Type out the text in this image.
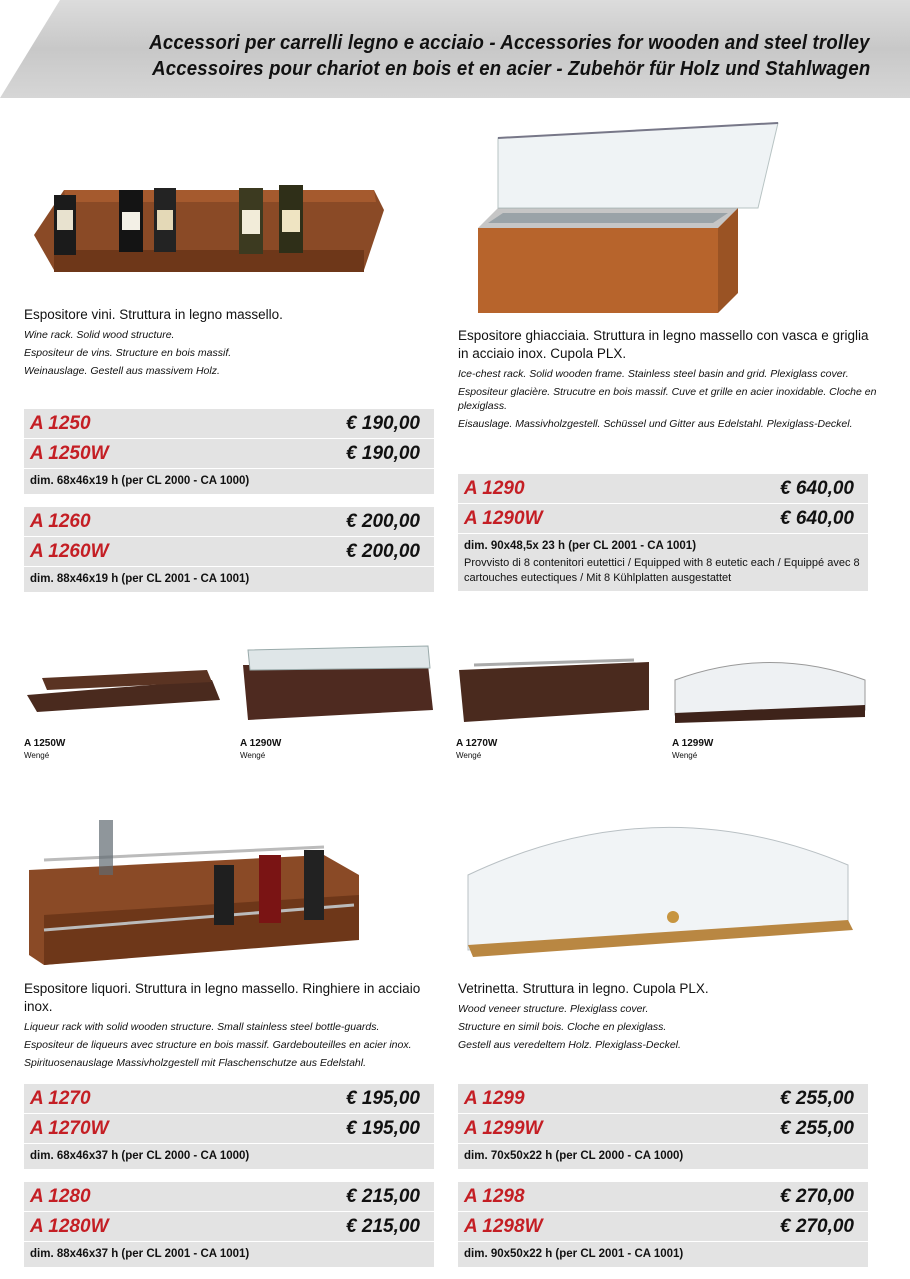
Accessori per carrelli legno e acciaio - Accessories for wooden and steel trolley
Accessoires pour chariot en bois et en acier - Zubehör für Holz und Stahlwagen
Espositore vini. Struttura in legno massello.
Wine rack. Solid wood structure.
Espositeur de vins. Structure en bois massif.
Weinauslage. Gestell aus massivem Holz.
A 1250	€ 190,00
A 1250W	€ 190,00
dim. 68x46x19 h (per CL 2000 - CA 1000)
A 1260	€ 200,00
A 1260W	€ 200,00
dim. 88x46x19 h (per CL 2001 - CA 1001)
Espositore ghiacciaia. Struttura in legno massello con vasca e griglia in acciaio inox. Cupola PLX.
Ice-chest rack. Solid wooden frame. Stainless steel basin and grid. Plexiglass cover.
Espositeur glacière. Strucutre en bois massif. Cuve et grille en acier inoxidable. Cloche en plexiglass.
Eisauslage. Massivholzgestell. Schüssel und Gitter aus Edelstahl. Plexiglass-Deckel.
A 1290	€ 640,00
A 1290W	€ 640,00
dim. 90x48,5x 23 h (per CL 2001 - CA 1001)
Provvisto di 8 contenitori eutettici / Equipped with 8 eutetic each / Equippé avec 8 cartouches eutectiques / Mit 8 Kühlplatten ausgestattet
A 1250W
Wengé
A 1290W
Wengé
A 1270W
Wengé
A 1299W
Wengé
Espositore liquori. Struttura in legno massello. Ringhiere in acciaio inox.
Liqueur rack with solid wooden structure. Small stainless steel bottle-guards.
Espositeur de liqueurs avec structure en bois massif. Gardebouteilles en acier inox.
Spirituosenauslage Massivholzgestell mit Flaschenschutze aus Edelstahl.
A 1270	€ 195,00
A 1270W	€ 195,00
dim. 68x46x37 h (per CL 2000 - CA 1000)
A 1280	€ 215,00
A 1280W	€ 215,00
dim. 88x46x37 h (per CL 2001 - CA 1001)
Vetrinetta. Struttura in legno. Cupola PLX.
Wood veneer structure. Plexiglass cover.
Structure en simil bois. Cloche en plexiglass.
Gestell aus veredeltem Holz. Plexiglass-Deckel.
A 1299	€ 255,00
A 1299W	€ 255,00
dim. 70x50x22 h (per CL 2000 - CA 1000)
A 1298	€ 270,00
A 1298W	€ 270,00
dim. 90x50x22 h (per CL 2001 - CA 1001)
